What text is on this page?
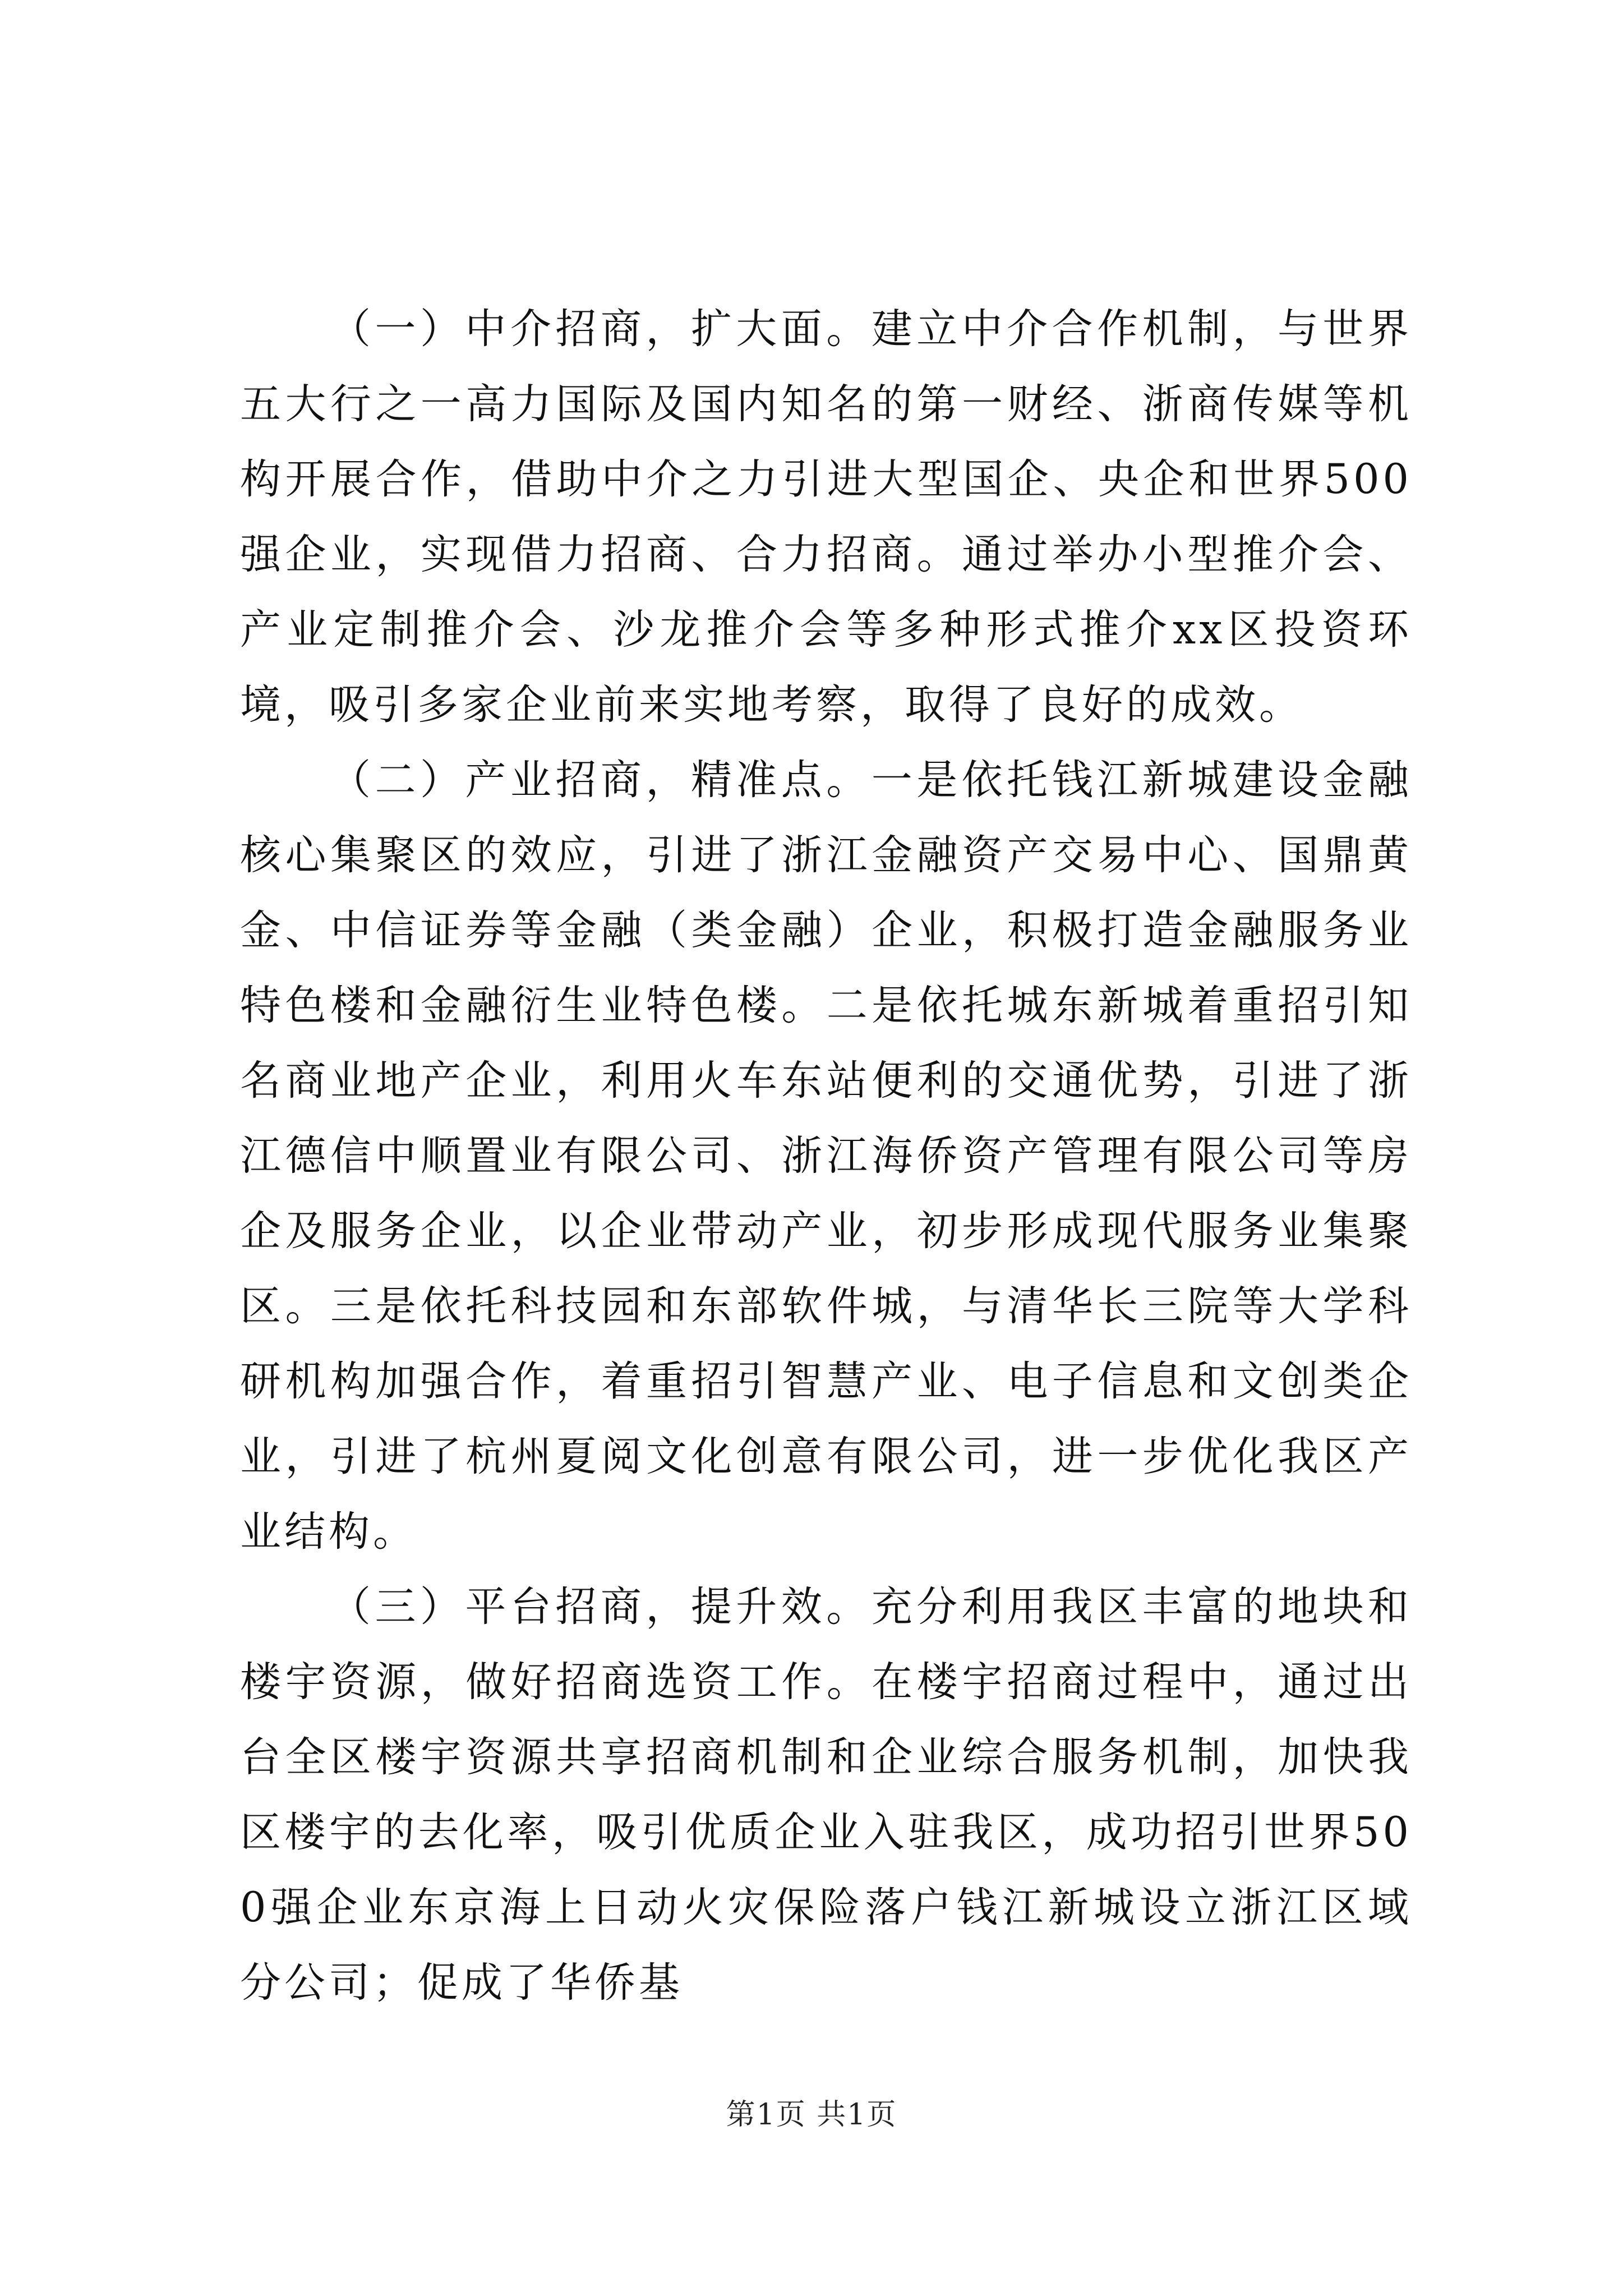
（一）中介招商，扩大面。建立中介合作机制，与世界五大行之一高力国际及国内知名的第一财经、浙商传媒等机构开展合作，借助中介之力引进大型国企、央企和世界500强企业，实现借力招商、合力招商。通过举办小型推介会、产业定制推介会、沙龙推介会等多种形式推介xx区投资环境，吸引多家企业前来实地考察，取得了良好的成效。

（二）产业招商，精准点。一是依托钱江新城建设金融核心集聚区的效应，引进了浙江金融资产交易中心、国鼎黄金、中信证券等金融（类金融）企业，积极打造金融服务业特色楼和金融衍生业特色楼。二是依托城东新城着重招引知名商业地产企业，利用火车东站便利的交通优势，引进了浙江德信中顺置业有限公司、浙江海侨资产管理有限公司等房企及服务企业，以企业带动产业，初步形成现代服务业集聚区。三是依托科技园和东部软件城，与清华长三院等大学科研机构加强合作，着重招引智慧产业、电子信息和文创类企业，引进了杭州夏阅文化创意有限公司，进一步优化我区产业结构。

（三）平台招商，提升效。充分利用我区丰富的地块和楼宇资源，做好招商选资工作。在楼宇招商过程中，通过出台全区楼宇资源共享招商机制和企业综合服务机制，加快我区楼宇的去化率，吸引优质企业入驻我区，成功招引世界500强企业东京海上日动火灾保险落户钱江新城设立浙江区域分公司；促成了华侨基

第1页 共1页
